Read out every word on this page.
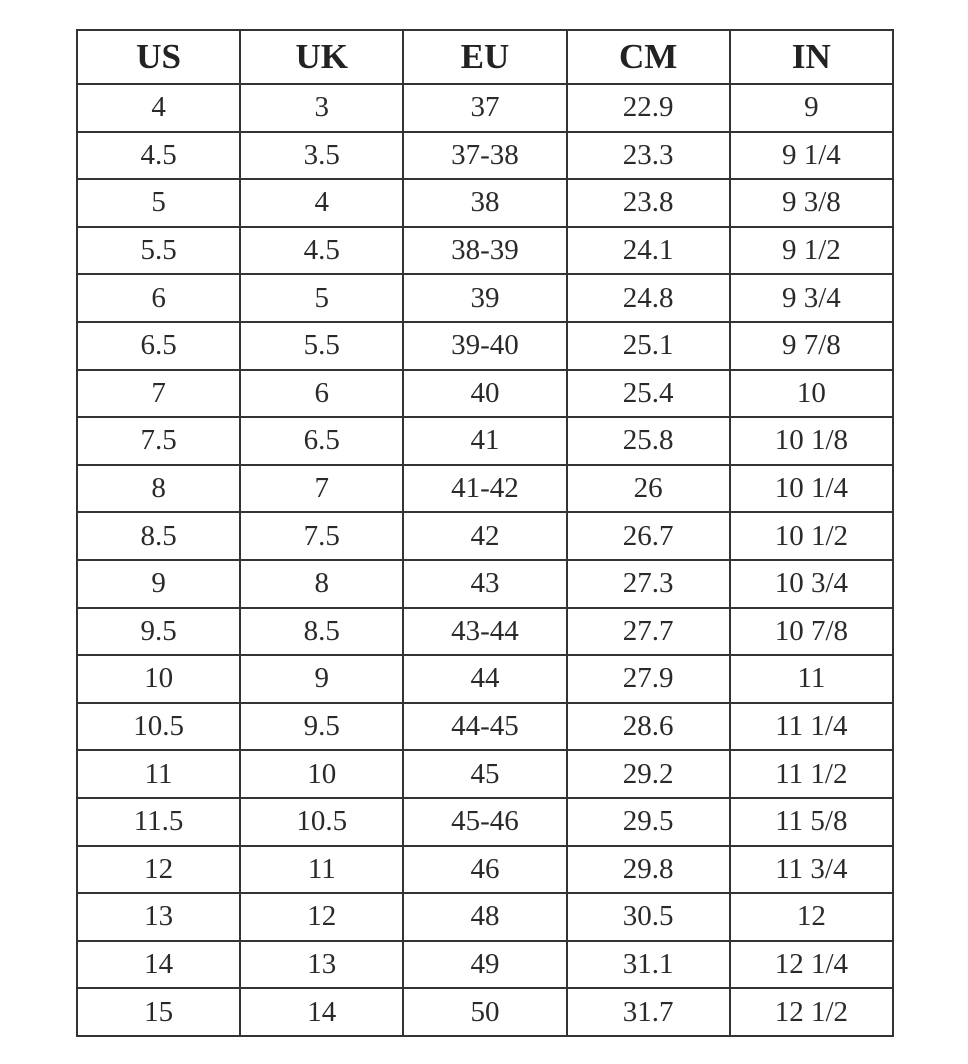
US	UK	EU	CM	IN
4	3	37	22.9	9
4.5	3.5	37-38	23.3	9 1/4
5	4	38	23.8	9 3/8
5.5	4.5	38-39	24.1	9 1/2
6	5	39	24.8	9 3/4
6.5	5.5	39-40	25.1	9 7/8
7	6	40	25.4	10
7.5	6.5	41	25.8	10 1/8
8	7	41-42	26	10 1/4
8.5	7.5	42	26.7	10 1/2
9	8	43	27.3	10 3/4
9.5	8.5	43-44	27.7	10 7/8
10	9	44	27.9	11
10.5	9.5	44-45	28.6	11 1/4
11	10	45	29.2	11 1/2
11.5	10.5	45-46	29.5	11 5/8
12	11	46	29.8	11 3/4
13	12	48	30.5	12
14	13	49	31.1	12 1/4
15	14	50	31.7	12 1/2
